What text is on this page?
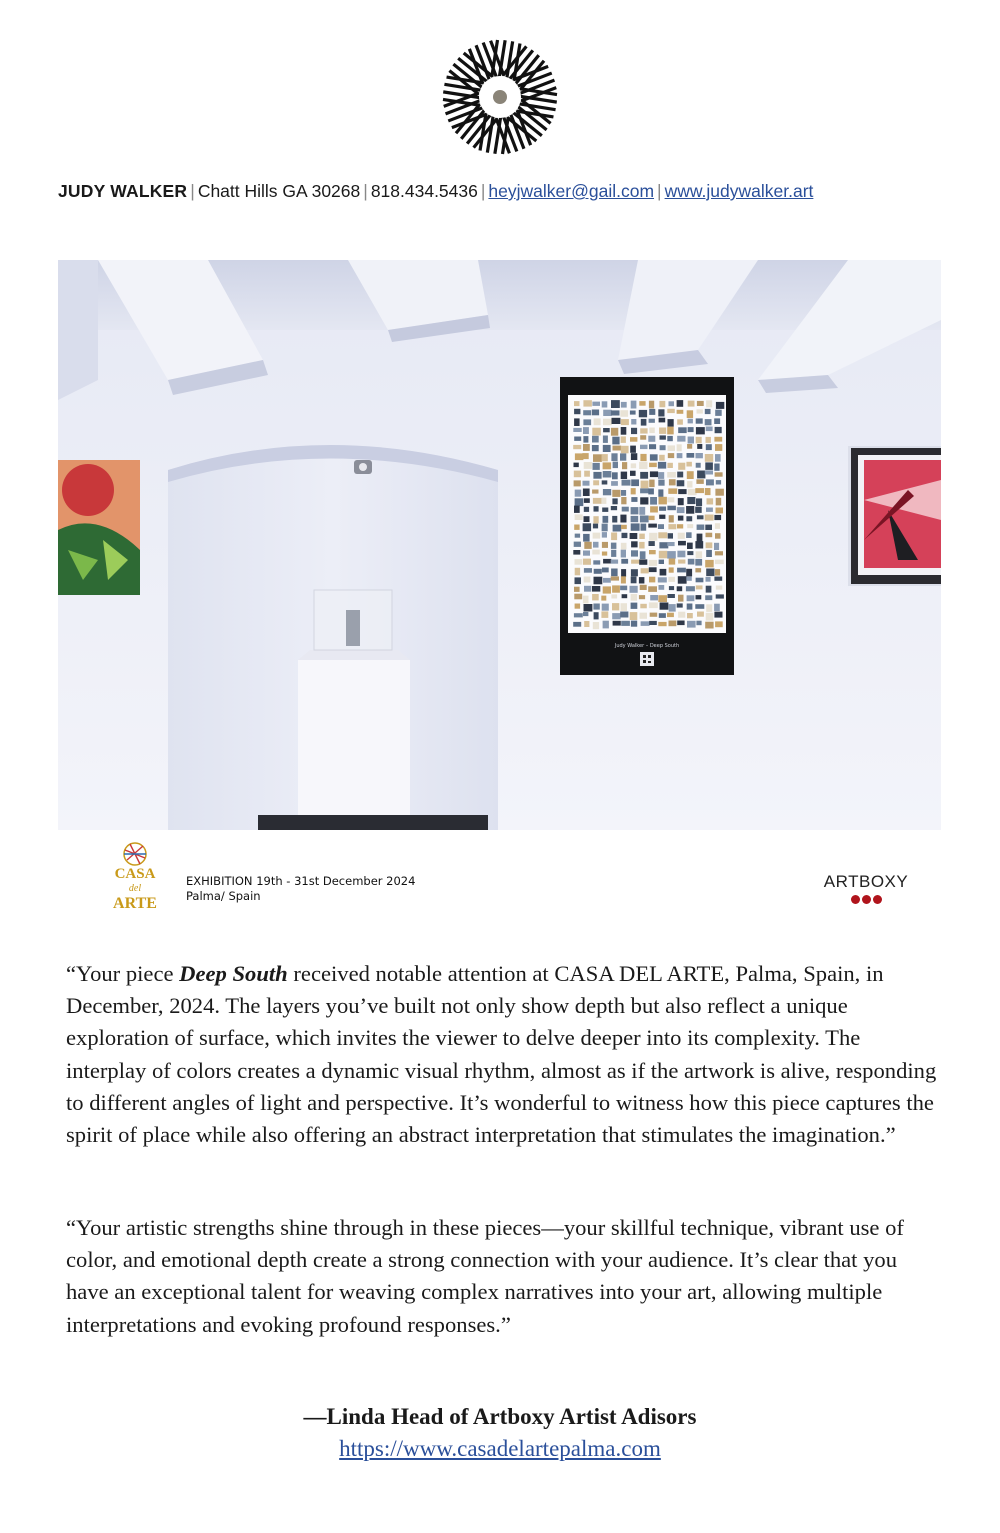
JUDY WALKER | Chatt Hills GA 30268 | 818.434.5436 | heyjwalker@gail.com | www.judywalker.art
Judy Walker – Deep South
CASA
del
ARTE
EXHIBITION 19th - 31st December 2024
Palma/ Spain
ARTBOXY
“Your piece Deep South received notable attention at CASA DEL ARTE, Palma, Spain, in December, 2024. The layers you’ve built not only show depth but also reflect a unique exploration of surface, which invites the viewer to delve deeper into its complexity. The interplay of colors creates a dynamic visual rhythm, almost as if the artwork is alive, responding to different angles of light and perspective. It’s wonderful to witness how this piece captures the spirit of place while also offering an abstract interpretation that stimulates the imagination.”
“Your artistic strengths shine through in these pieces—your skillful technique, vibrant use of color, and emotional depth create a strong connection with your audience. It’s clear that you have an exceptional talent for weaving complex narratives into your art, allowing multiple interpretations and evoking profound responses.”
—Linda Head of Artboxy Artist Adisors
https://www.casadelartepalma.com
